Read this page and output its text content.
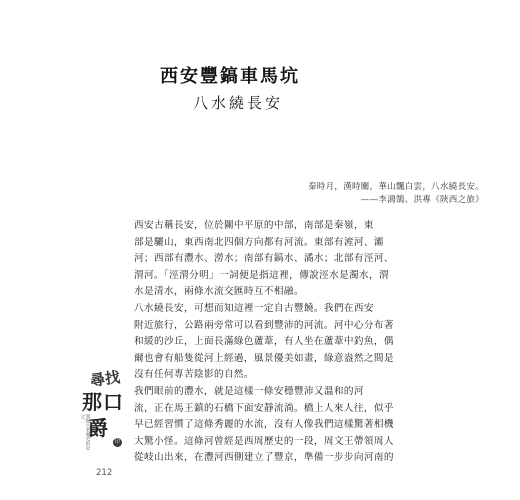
西安豐鎬車馬坑
八水繞長安
秦時月，漢時關，華山飄白雲，八水繞長安。
——李鴻鵠、洪專《陝西之旅》

西安古稱長安，位於關中平原的中部，南部是秦嶺，東
部是驪山，東西南北四個方向都有河流。東部有滻河、灞
河；西部有灃水、澇水；南部有鎬水、潏水；北部有涇河、
渭河。「涇渭分明」一詞便是指這裡，傳說涇水是濁水，渭
水是清水，兩條水流交匯時互不相融。

八水繞長安，可想而知這裡一定自古豐饒。我們在西安
附近旅行，公路兩旁常可以看到豐沛的河流。河中心分布著
和緩的沙丘，上面長滿綠色蘆葦，有人坐在蘆葦中釣魚，偶
爾也會有船隻從河上經過，風景優美如畫，綠意盎然之間是
沒有任何專苦陰影的自然。

我們眼前的灃水，就是這樣一條安穩豐沛又溫和的河
流，正在馬王鎮的石橋下面安靜流淌。橋上人來人往，似乎
早已經習慣了這條秀麗的水流，沒有人像我們這樣驚著相機
大驚小怪。這條河曾經是西周歷史的一段，周文王帶領周人
從岐山出來，在灃河西側建立了豐京，準備一步步向河南的

尋找
那口
發掘古老歷史的記之二 爵
印
212
